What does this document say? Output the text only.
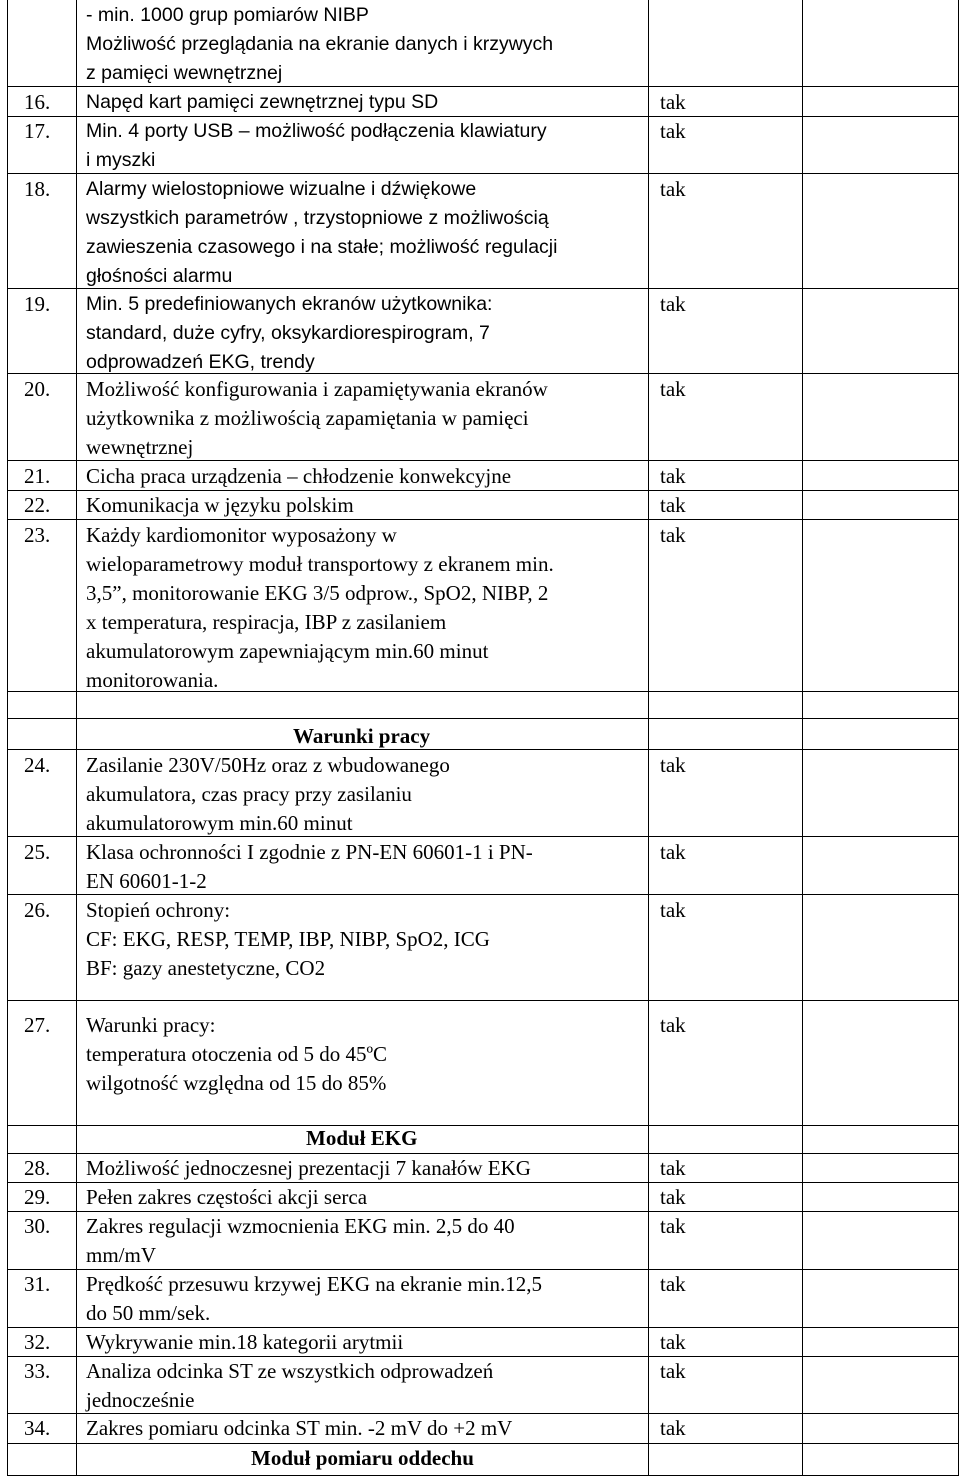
- min. 1000 grup pomiarów NIBP
Możliwość przeglądania na ekranie danych i krzywych
z pamięci wewnętrznej
16. Napęd kart pamięci zewnętrznej typu SD	tak
17. Min. 4 porty USB – możliwość podłączenia klawiatury
i myszki
tak
18. Alarmy wielostopniowe wizualne i dźwiękowe
wszystkich parametrów , trzystopniowe z możliwością
zawieszenia czasowego i na stałe; możliwość regulacji
głośności alarmu
tak
19. Min. 5 predefiniowanych ekranów użytkownika:
standard, duże cyfry, oksykardiorespirogram, 7
odprowadzeń EKG, trendy
tak
20. Możliwość konfigurowania i zapamiętywania ekranów
użytkownika z możliwością zapamiętania w pamięci
wewnętrznej
tak
21. Cicha praca urządzenia – chłodzenie konwekcyjne	tak
22. Komunikacja w języku polskim	tak
23. Każdy kardiomonitor wyposażony w
wieloparametrowy moduł transportowy z ekranem min.
3,5”, monitorowanie EKG 3/5 odprow., SpO2, NIBP, 2
x temperatura, respiracja, IBP z zasilaniem
akumulatorowym zapewniającym min.60 minut
monitorowania.
tak
Warunki pracy
24. Zasilanie 230V/50Hz oraz z wbudowanego
akumulatora, czas pracy przy zasilaniu
akumulatorowym min.60 minut
tak
25. Klasa ochronności I zgodnie z PN-EN 60601-1 i PN-
EN 60601-1-2
tak
26. Stopień ochrony:
CF: EKG, RESP, TEMP, IBP, NIBP, SpO2, ICG
BF: gazy anestetyczne, CO2
tak
27. Warunki pracy:
temperatura otoczenia od 5 do 45ºC
wilgotność względna od 15 do 85%
tak
Moduł EKG
28. Możliwość jednoczesnej prezentacji 7 kanałów EKG	tak
29. Pełen zakres częstości akcji serca	tak
30. Zakres regulacji wzmocnienia EKG min. 2,5 do 40
mm/mV
tak
31. Prędkość przesuwu krzywej EKG na ekranie min.12,5
do 50 mm/sek.
tak
32. Wykrywanie min.18 kategorii arytmii	tak
33. Analiza odcinka ST ze wszystkich odprowadzeń
jednocześnie
tak
34. Zakres pomiaru odcinka ST min. -2 mV do +2 mV	tak
Moduł pomiaru oddechu
